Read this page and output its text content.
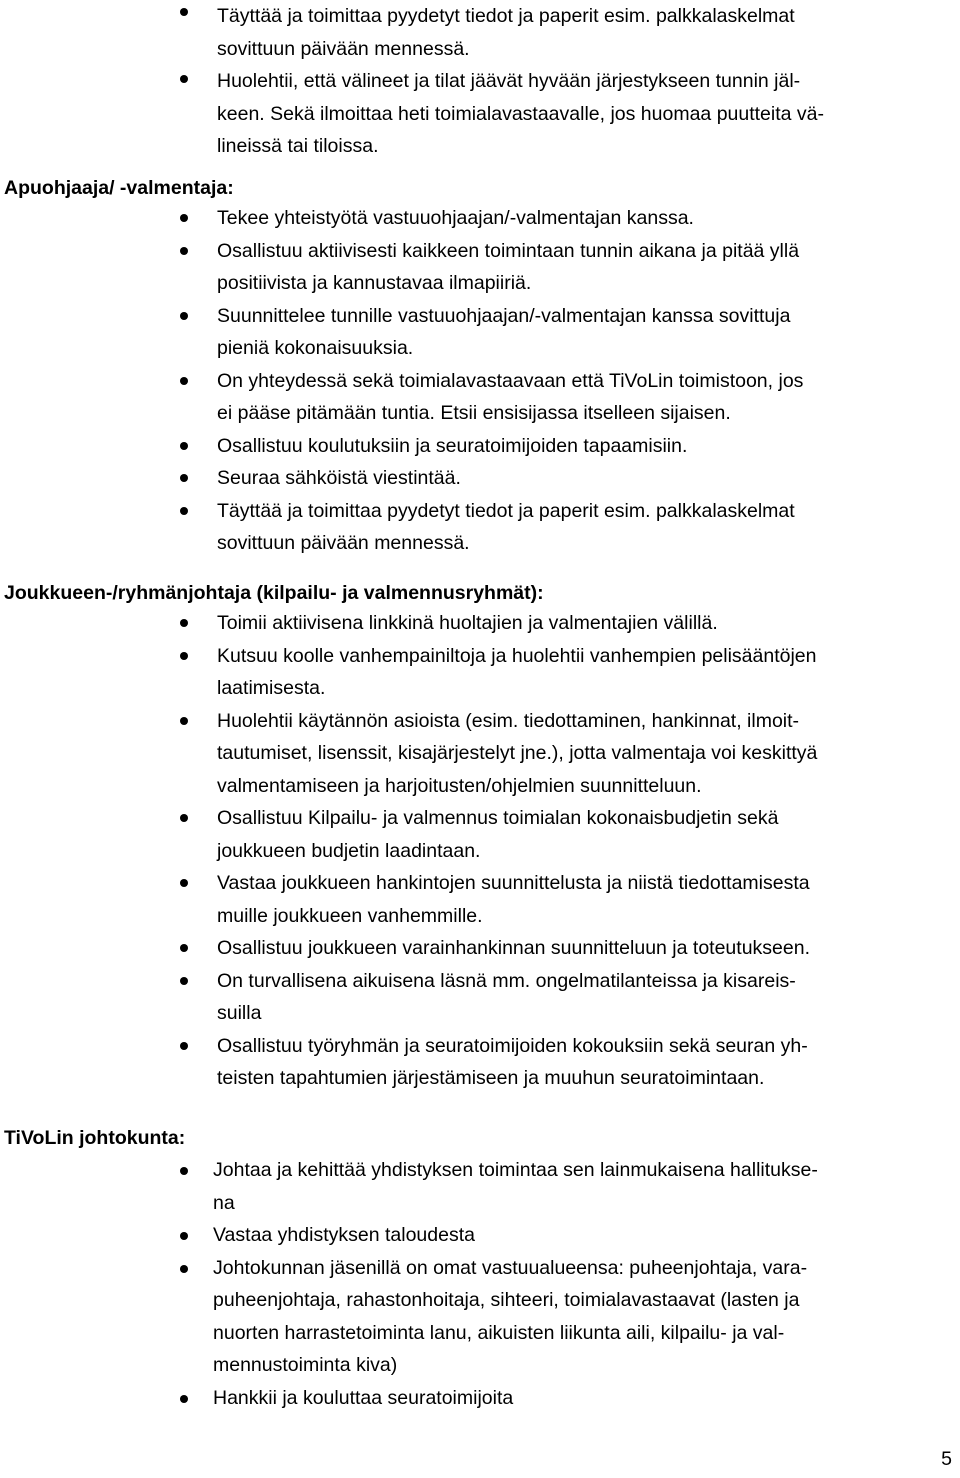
Täyttää ja toimittaa pyydetyt tiedot ja paperit esim. palkkalaskelmat
sovittuun päivään mennessä.
Huolehtii, että välineet ja tilat jäävät hyvään järjestykseen tunnin jäl-
keen. Sekä ilmoittaa heti toimialavastaavalle, jos huomaa puutteita vä-
lineissä tai tiloissa.
Apuohjaaja/ -valmentaja:
Tekee yhteistyötä vastuuohjaajan/-valmentajan kanssa.
Osallistuu aktiivisesti kaikkeen toimintaan tunnin aikana ja pitää yllä
positiivista ja kannustavaa ilmapiiriä.
Suunnittelee tunnille vastuuohjaajan/-valmentajan kanssa sovittuja
pieniä kokonaisuuksia.
On yhteydessä sekä toimialavastaavaan että TiVoLin toimistoon, jos
ei pääse pitämään tuntia. Etsii ensisijassa itselleen sijaisen.
Osallistuu koulutuksiin ja seuratoimijoiden tapaamisiin.
Seuraa sähköistä viestintää.
Täyttää ja toimittaa pyydetyt tiedot ja paperit esim. palkkalaskelmat
sovittuun päivään mennessä.
Joukkueen-/ryhmänjohtaja (kilpailu- ja valmennusryhmät):
Toimii aktiivisena linkkinä huoltajien ja valmentajien välillä.
Kutsuu koolle vanhempainiltoja ja huolehtii vanhempien pelisääntöjen
laatimisesta.
Huolehtii käytännön asioista (esim. tiedottaminen, hankinnat, ilmoit-
tautumiset, lisenssit, kisajärjestelyt jne.), jotta valmentaja voi keskittyä
valmentamiseen ja harjoitusten/ohjelmien suunnitteluun.
Osallistuu Kilpailu- ja valmennus toimialan kokonaisbudjetin sekä
joukkueen budjetin laadintaan.
Vastaa joukkueen hankintojen suunnittelusta ja niistä tiedottamisesta
muille joukkueen vanhemmille.
Osallistuu joukkueen varainhankinnan suunnitteluun ja toteutukseen.
On turvallisena aikuisena läsnä mm. ongelmatilanteissa ja kisareis-
suilla
Osallistuu työryhmän ja seuratoimijoiden kokouksiin sekä seuran yh-
teisten tapahtumien järjestämiseen ja muuhun seuratoimintaan.
TiVoLin johtokunta:
Johtaa ja kehittää yhdistyksen toimintaa sen lainmukaisena hallitukse-
na
Vastaa yhdistyksen taloudesta
Johtokunnan jäsenillä on omat vastuualueensa: puheenjohtaja, vara-
puheenjohtaja, rahastonhoitaja, sihteeri, toimialavastaavat (lasten ja
nuorten harrastetoiminta lanu, aikuisten liikunta aili, kilpailu- ja val-
mennustoiminta kiva)
Hankkii ja kouluttaa seuratoimijoita
5
